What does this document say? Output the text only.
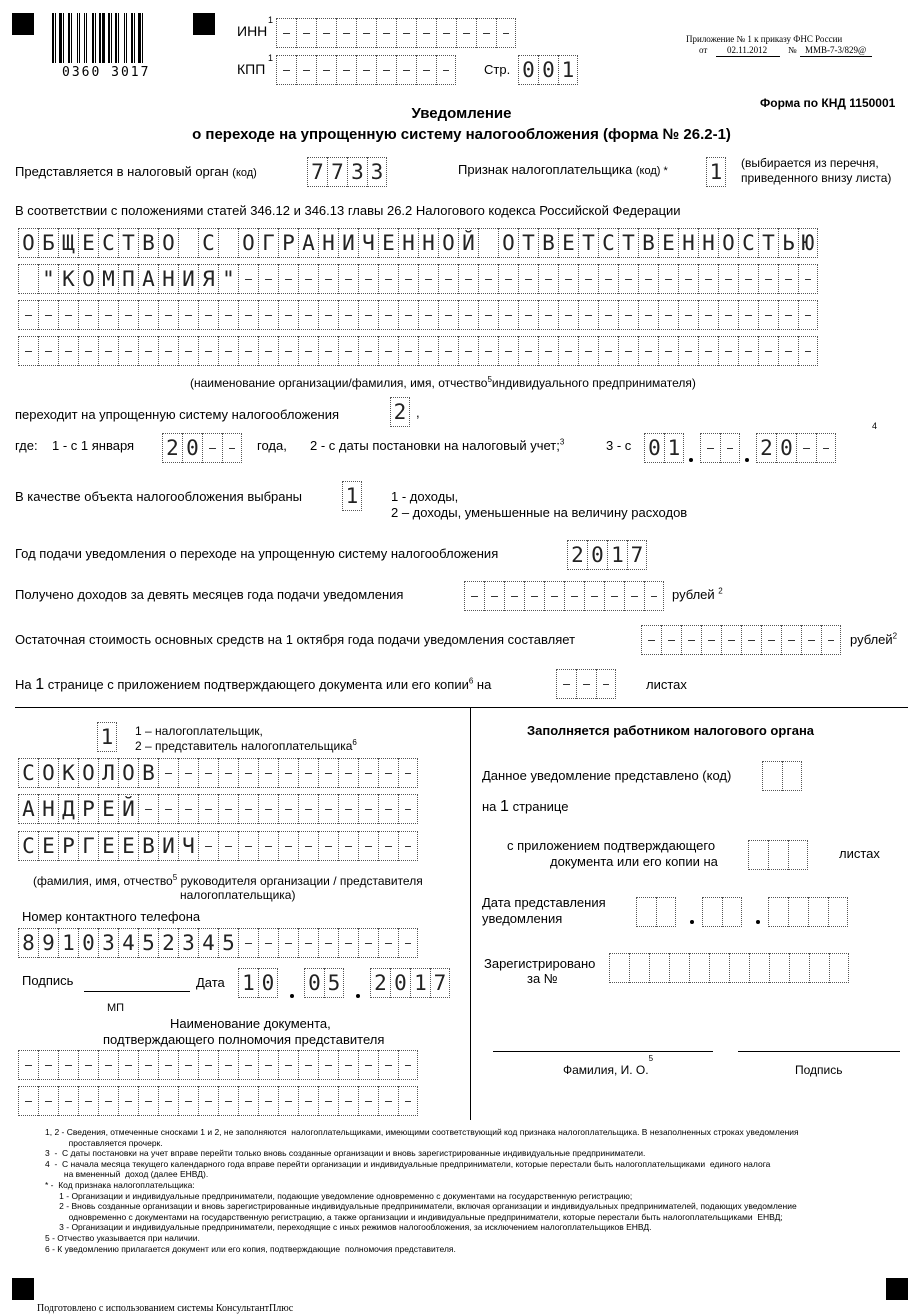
0360 3017
ИНН
1
КПП
1
Стр. 0 0 1
Приложение № 1 к приказу ФНС России
от 02.11.2012 № ММВ-7-3/829@
Форма по КНД 1150001
Уведомление
о переходе на упрощенную систему налогообложения (форма № 26.2-1)
Представляется в налоговый орган (код)	7 7 3 3	Признак налогоплательщика (код) * 1	(выбирается из перечня,
приведенного внизу листа)
В соответствии с положениями статей 346.12 и 346.13 главы 26.2 Налогового кодекса Российской Федерации
О Б Щ Е С Т В О С О Г Р А Н И Ч Е Н Н О Й О Т В Е Т С Т В Е Н Н О С Т Ь Ю
" К О М П А Н И Я "
(наименование организации/фамилия, имя, отчество$^5$индивидуального предпринимателя)
переходит на упрощенную систему налогообложения	2 ,
где: 1 - с 1 января 2 0	года, 2 - с даты постановки на налоговый учет;$^3$	3 - с 0 1	2 0
4
В качестве объекта налогообложения выбраны 1	1 - доходы,
2 – доходы, уменьшенные на величину расходов
Год подачи уведомления о переходе на упрощенную систему налогообложения	2 0 1 7
Получено доходов за девять месяцев года подачи уведомления	рублей $^2$
Остаточная стоимость основных средств на 1 октября года подачи уведомления составляет	рублей$^2$
На 1 странице с приложением подтверждающего документа или его копии$^6$ на	листах
1	1 – налогоплательщик,
2 – представитель налогоплательщика$^6$
С О К О Л О В
А Н Д Р Е Й
С Е Р Г Е Е В И Ч
(фамилия, имя, отчество$^5$ руководителя организации / представителя
налогоплательщика)
Номер контактного телефона
8 9 1 0 3 4 5 2 3 4 5
Подпись	Дата 1 0 0 5 2 0 1 7
МП
Наименование документа,
подтверждающего полномочия представителя
Заполняется работником налогового органа
Данное уведомление представлено (код)
на 1 странице
с приложением подтверждающего
документа или его копии на
листах
Дата представления
уведомления
Зарегистрировано
за №
Фамилия, И. О.$^5$
Подпись
1, 2 - Сведения, отмеченные сносками 1 и 2, не заполняются  налогоплательщиками, имеющими соответствующий код признака налогоплательщика. В незаполненных строках уведомления
проставляется прочерк.
3  -  С даты постановки на учет вправе перейти только вновь созданные организации и вновь зарегистрированные индивидуальные предприниматели.
4  -  С начала месяца текущего календарного года вправе перейти организации и индивидуальные предприниматели, которые перестали быть налогоплательщиками  единого налога
на вмененный  доход (далее ЕНВД).
* -  Код признака налогоплательщика:
1 - Организации и индивидуальные предприниматели, подающие уведомление одновременно с документами на государственную регистрацию;
2 - Вновь созданные организации и вновь зарегистрированные индивидуальные предприниматели, включая организации и индивидуальных предпринимателей, подающих уведомление
одновременно с документами на государственную регистрацию, а также организации и индивидуальные предприниматели, которые перестали быть налогоплательщиками  ЕНВД;
3 - Организации и индивидуальные предприниматели, переходящие с иных режимов налогообложения, за исключением налогоплательщиков ЕНВД.
5 - Отчество указывается при наличии.
6 - К уведомлению прилагается документ или его копия, подтверждающие  полномочия представителя.
Подготовлено с использованием системы КонсультантПлюс
